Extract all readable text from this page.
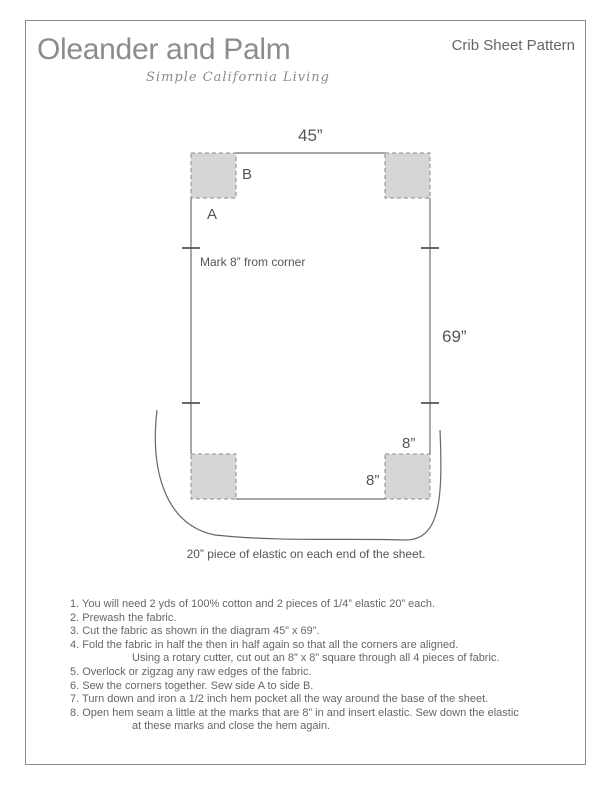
Oleander and Palm
Simple California Living
Crib Sheet Pattern
45”
69”
B
A
Mark 8” from corner
8”
8”
20” piece of elastic on each end of the sheet.
1. You will need 2 yds of 100% cotton and 2 pieces of 1/4” elastic 20” each.
2. Prewash the fabric.
3. Cut the fabric as shown in the diagram 45” x 69”.
4. Fold the fabric in half the then in half again so that all the corners are aligned.
Using a rotary cutter, cut out an 8” x 8” square through all 4 pieces of fabric.
5. Overlock or zigzag any raw edges of the fabric.
6. Sew the corners together. Sew side A to side B.
7. Turn down and iron a 1/2 inch hem pocket all the way around the base of the sheet.
8. Open hem seam a little at the marks that are 8” in and insert elastic. Sew down the elastic
at these marks and close the hem again.
